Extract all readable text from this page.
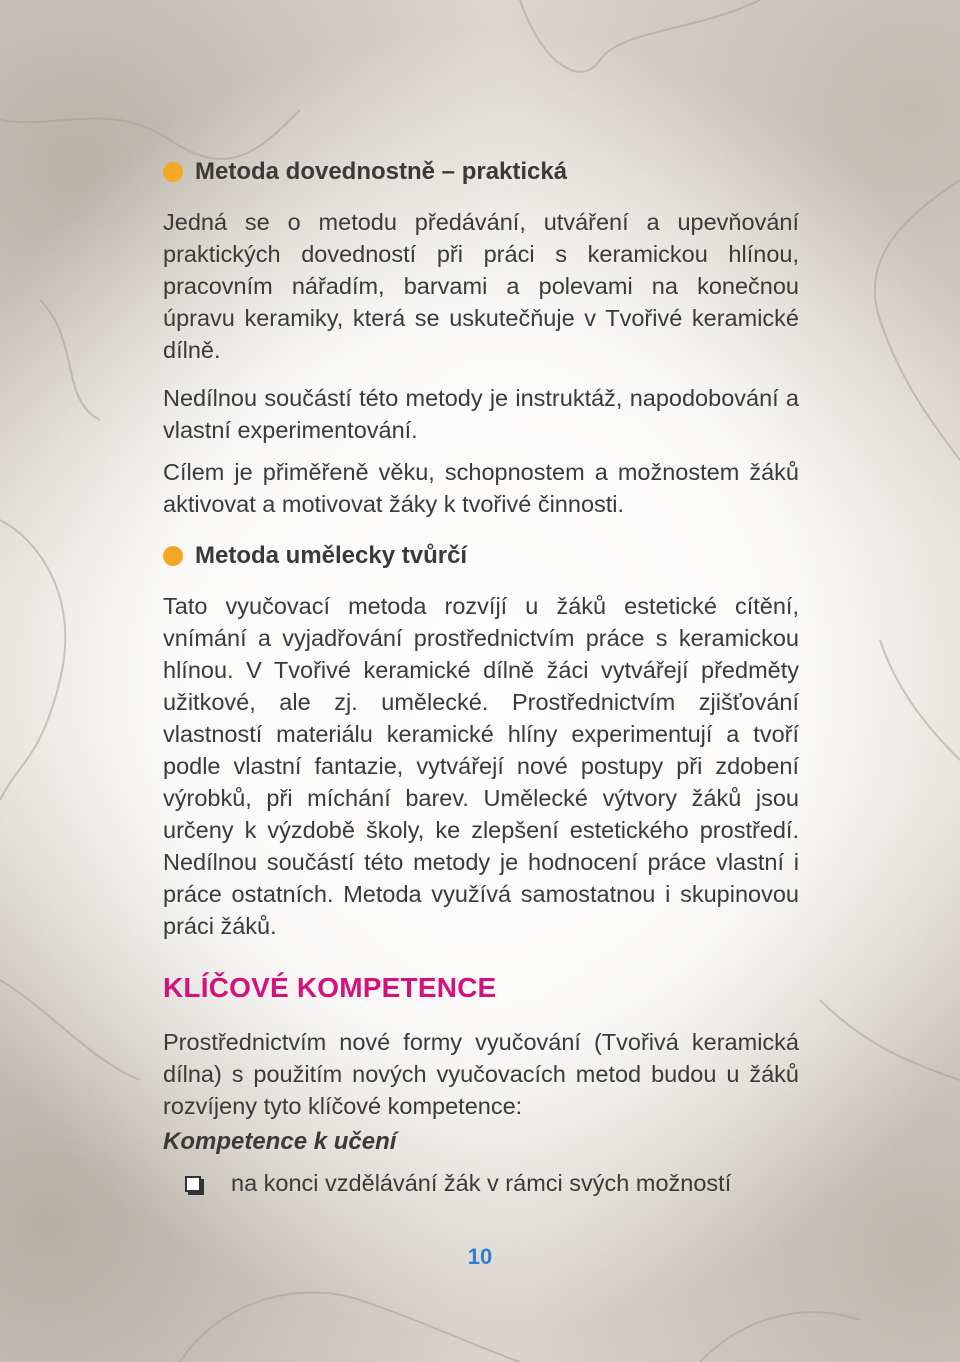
Metoda dovednostně – praktická

Jedná se o metodu předávání, utváření a upevňování praktických dovedností při práci s keramickou hlínou, pracovním nářadím, barvami a polevami na konečnou úpravu keramiky, která se uskutečňuje v Tvořivé keramické dílně.

Nedílnou součástí této metody je instruktáž, napodobování a vlastní experimentování.

Cílem je přiměřeně věku, schopnostem a možnostem žáků aktivovat a motivovat žáky k tvořivé činnosti.

Metoda umělecky tvůrčí

Tato vyučovací metoda rozvíjí u žáků estetické cítění, vnímání a vyjadřování prostřednictvím práce s keramickou hlínou. V Tvořivé keramické dílně žáci vytvářejí předměty užitkové, ale zj. umělecké. Prostřednictvím zjišťování vlastností materiálu keramické hlíny experimentují a tvoří podle vlastní fantazie, vytvářejí nové postupy při zdobení výrobků, při míchání barev. Umělecké výtvory žáků jsou určeny k výzdobě školy, ke zlepšení estetického prostředí. Nedílnou součástí této metody je hodnocení práce vlastní i práce ostatních. Metoda využívá samostatnou i skupinovou práci žáků.

KLÍČOVÉ KOMPETENCE

Prostřednictvím nové formy vyučování (Tvořivá keramická dílna) s použitím nových vyučovacích metod budou u žáků rozvíjeny tyto klíčové kompetence:

Kompetence k učení
na konci vzdělávání žák v rámci svých možností
10
